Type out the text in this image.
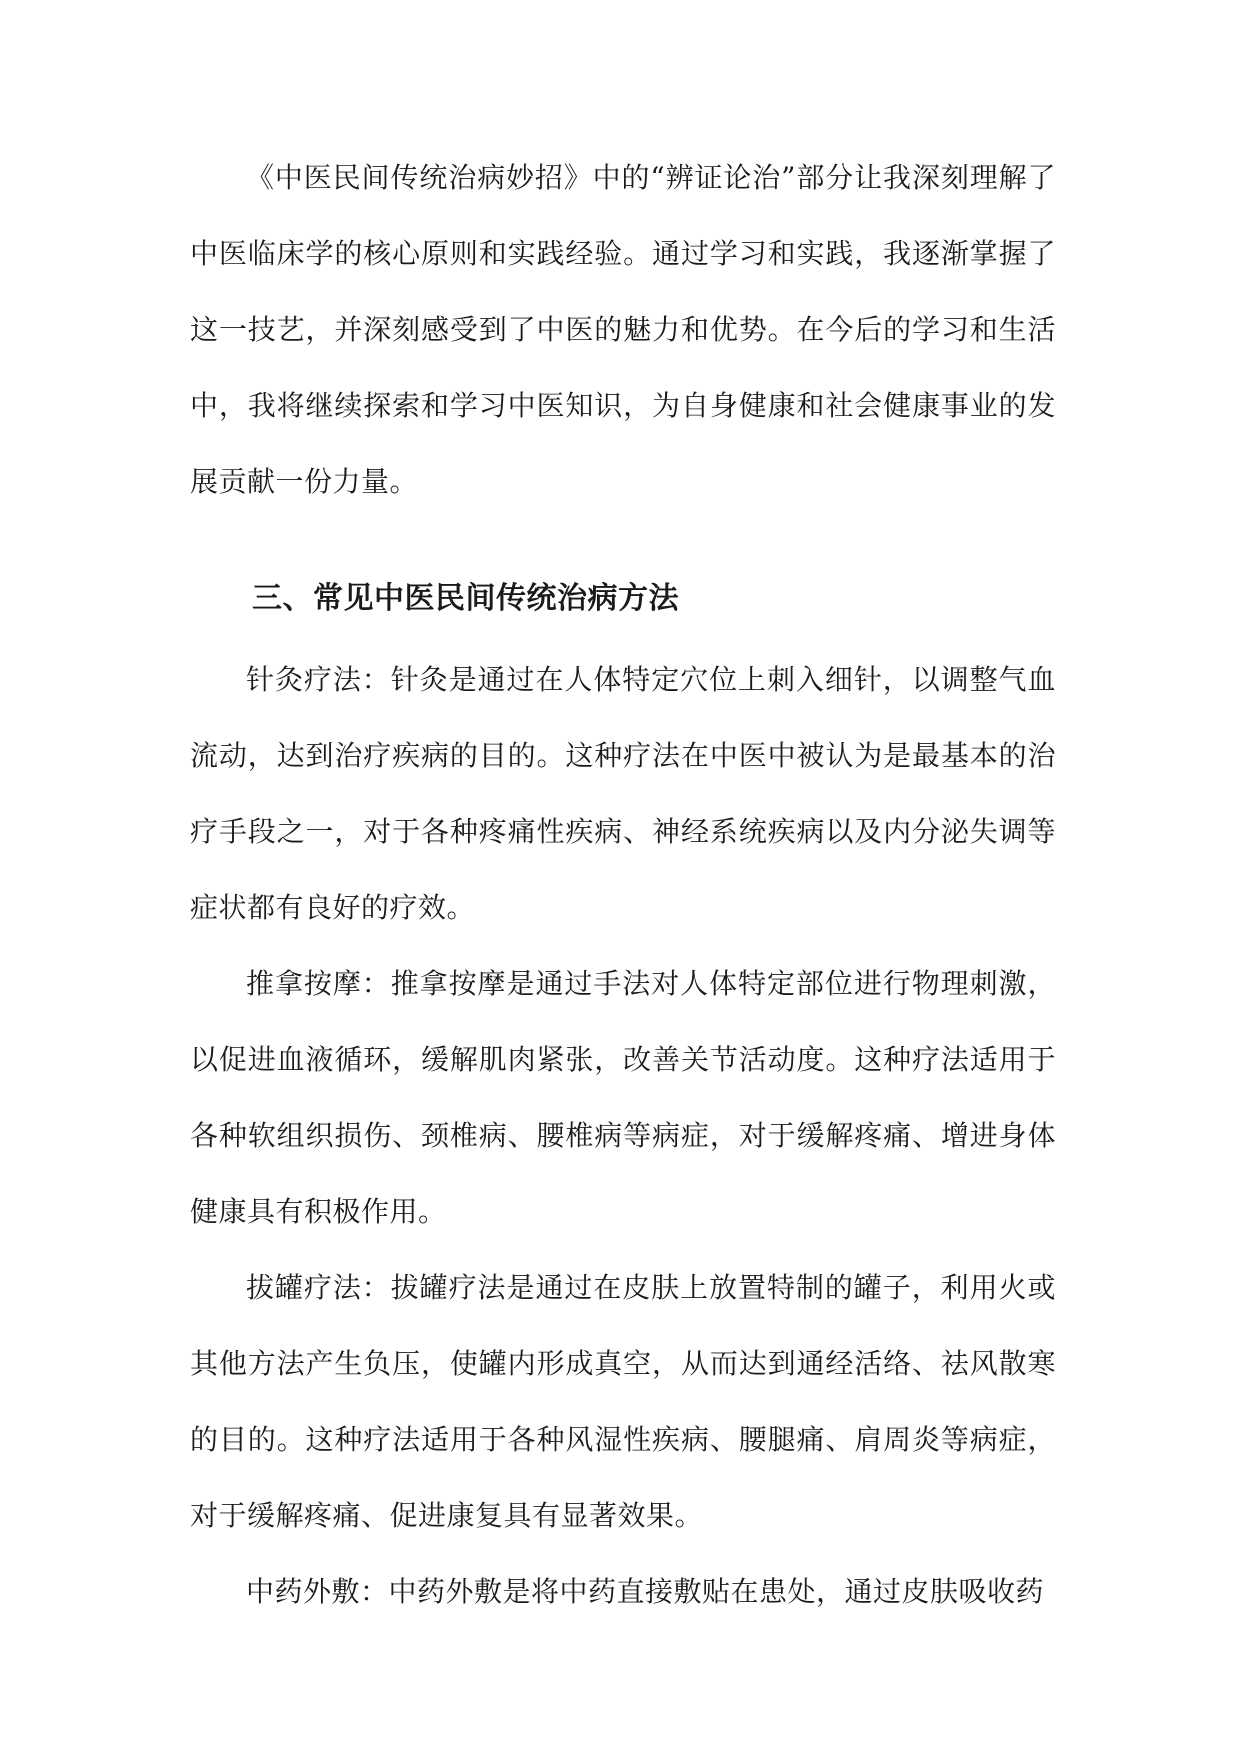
《中医民间传统治病妙招》中的“辨证论治”部分让我深刻理解了中医临床学的核心原则和实践经验。通过学习和实践，我逐渐掌握了这一技艺，并深刻感受到了中医的魅力和优势。在今后的学习和生活中，我将继续探索和学习中医知识，为自身健康和社会健康事业的发展贡献一份力量。

三、常见中医民间传统治病方法

针灸疗法：针灸是通过在人体特定穴位上刺入细针，以调整气血流动，达到治疗疾病的目的。这种疗法在中医中被认为是最基本的治疗手段之一，对于各种疼痛性疾病、神经系统疾病以及内分泌失调等症状都有良好的疗效。

推拿按摩：推拿按摩是通过手法对人体特定部位进行物理刺激，以促进血液循环，缓解肌肉紧张，改善关节活动度。这种疗法适用于各种软组织损伤、颈椎病、腰椎病等病症，对于缓解疼痛、增进身体健康具有积极作用。

拔罐疗法：拔罐疗法是通过在皮肤上放置特制的罐子，利用火或其他方法产生负压，使罐内形成真空，从而达到通经活络、祛风散寒的目的。这种疗法适用于各种风湿性疾病、腰腿痛、肩周炎等病症，对于缓解疼痛、促进康复具有显著效果。

中药外敷：中药外敷是将中药直接敷贴在患处，通过皮肤吸收药
